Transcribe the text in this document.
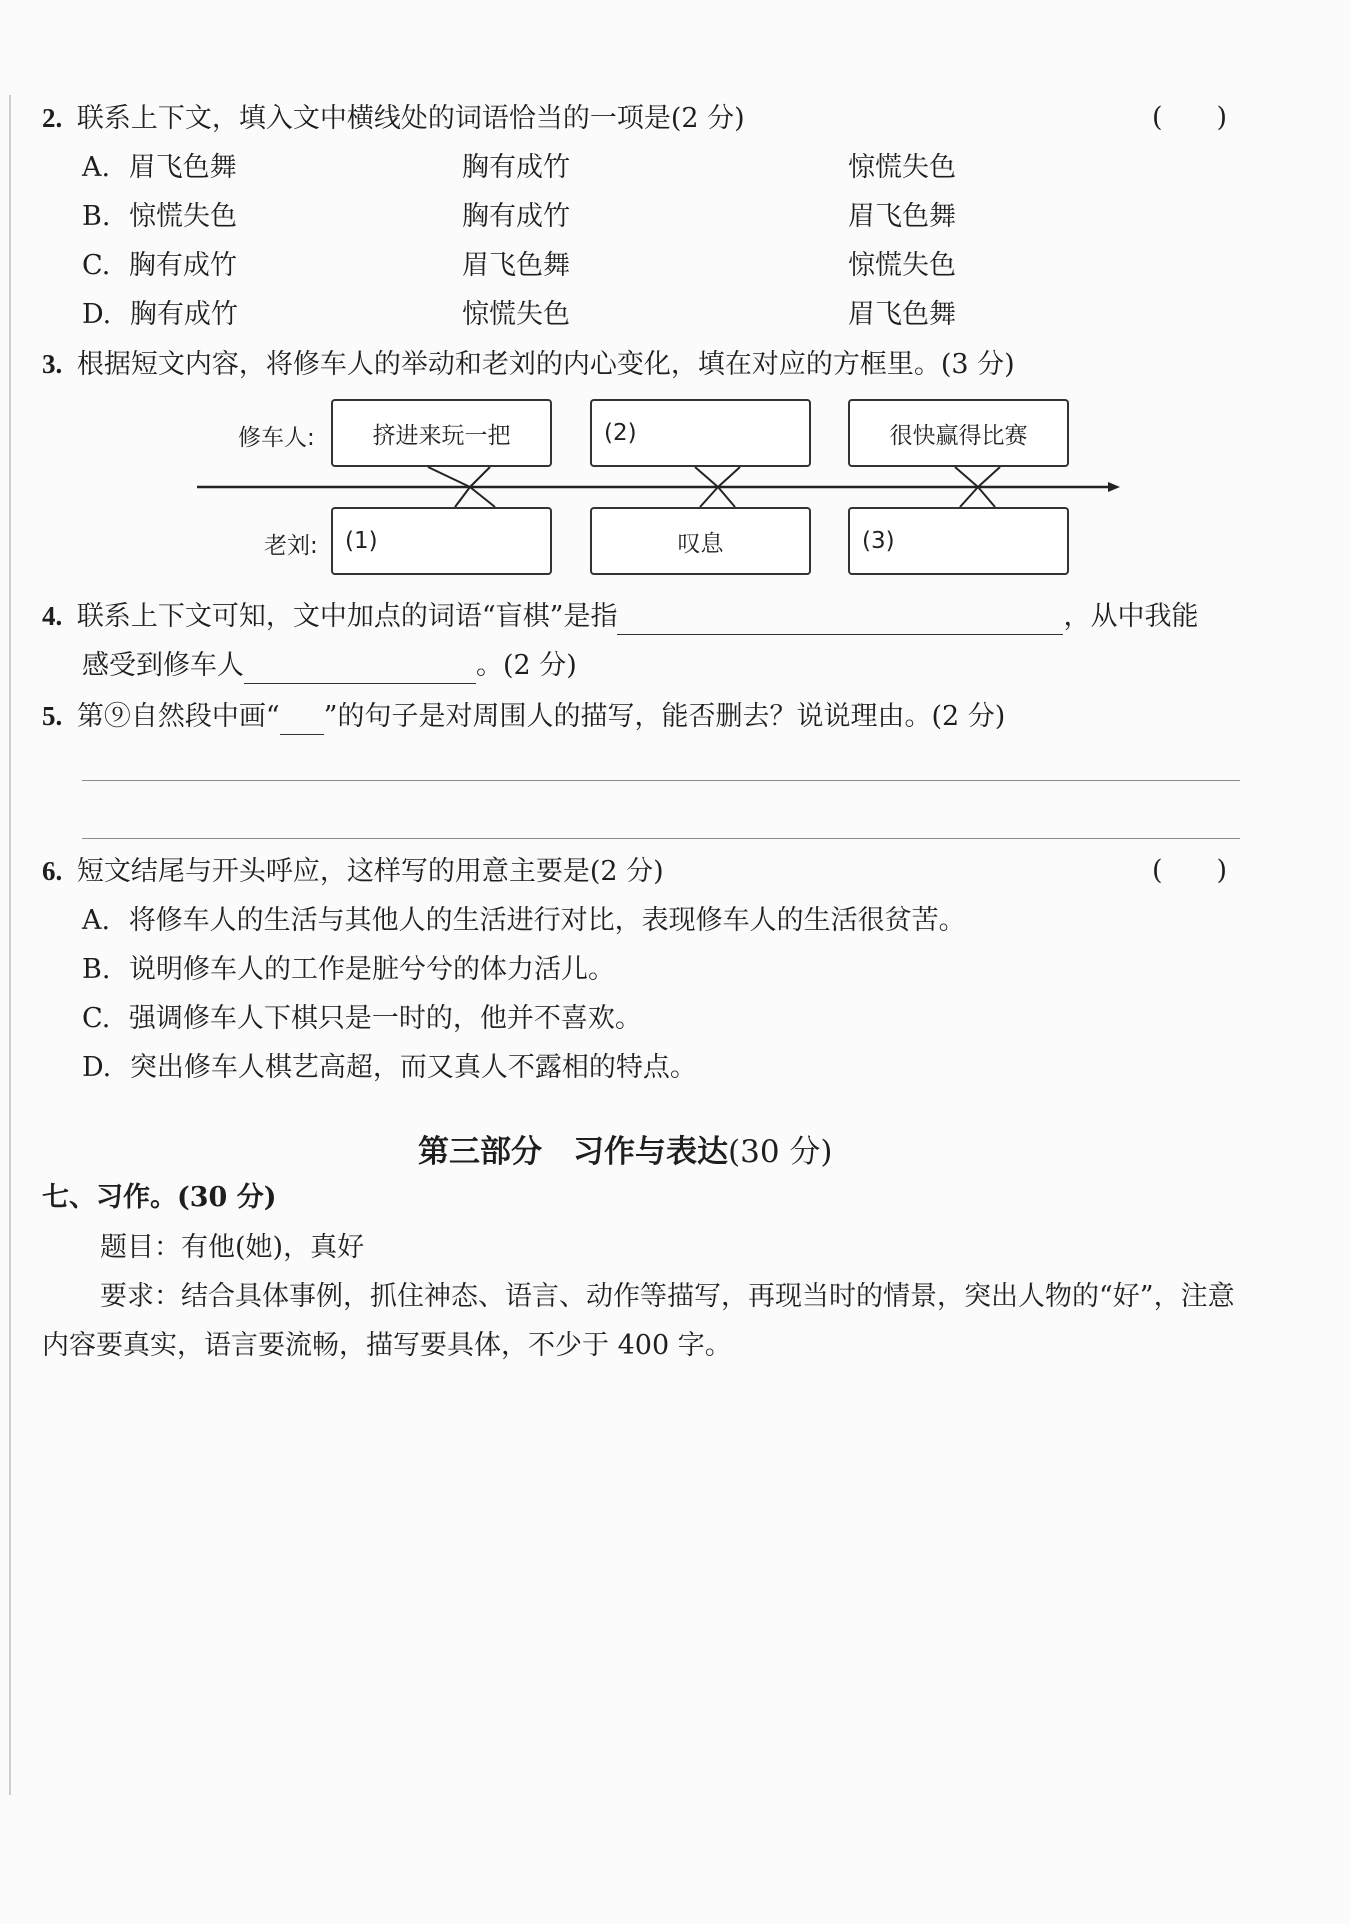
2. 联系上下文，填入文中横线处的词语恰当的一项是(2 分)	(　　)
A. 眉飞色舞	胸有成竹	惊慌失色
B. 惊慌失色	胸有成竹	眉飞色舞
C. 胸有成竹	眉飞色舞	惊慌失色
D. 胸有成竹	惊慌失色	眉飞色舞
3. 根据短文内容，将修车人的举动和老刘的内心变化，填在对应的方框里。(3 分)
修车人:
老刘:
挤进来玩一把	(2)	很快赢得比赛
(1)	叹息	(3)
4. 联系上下文可知，文中加点的词语“盲棋”是指	，从中我能
感受到修车人	。(2 分)
5. 第⑨自然段中画“ ”的句子是对周围人的描写，能否删去？说说理由。(2 分)
6. 短文结尾与开头呼应，这样写的用意主要是(2 分)	(　　)
A. 将修车人的生活与其他人的生活进行对比，表现修车人的生活很贫苦。
B. 说明修车人的工作是脏兮兮的体力活儿。
C. 强调修车人下棋只是一时的，他并不喜欢。
D. 突出修车人棋艺高超，而又真人不露相的特点。
第三部分　习作与表达(30 分)
七、习作。(30 分)
题目：有他(她)，真好
要求：结合具体事例，抓住神态、语言、动作等描写，再现当时的情景，突出人物的“好”，注意
内容要真实，语言要流畅，描写要具体，不少于 400 字。
